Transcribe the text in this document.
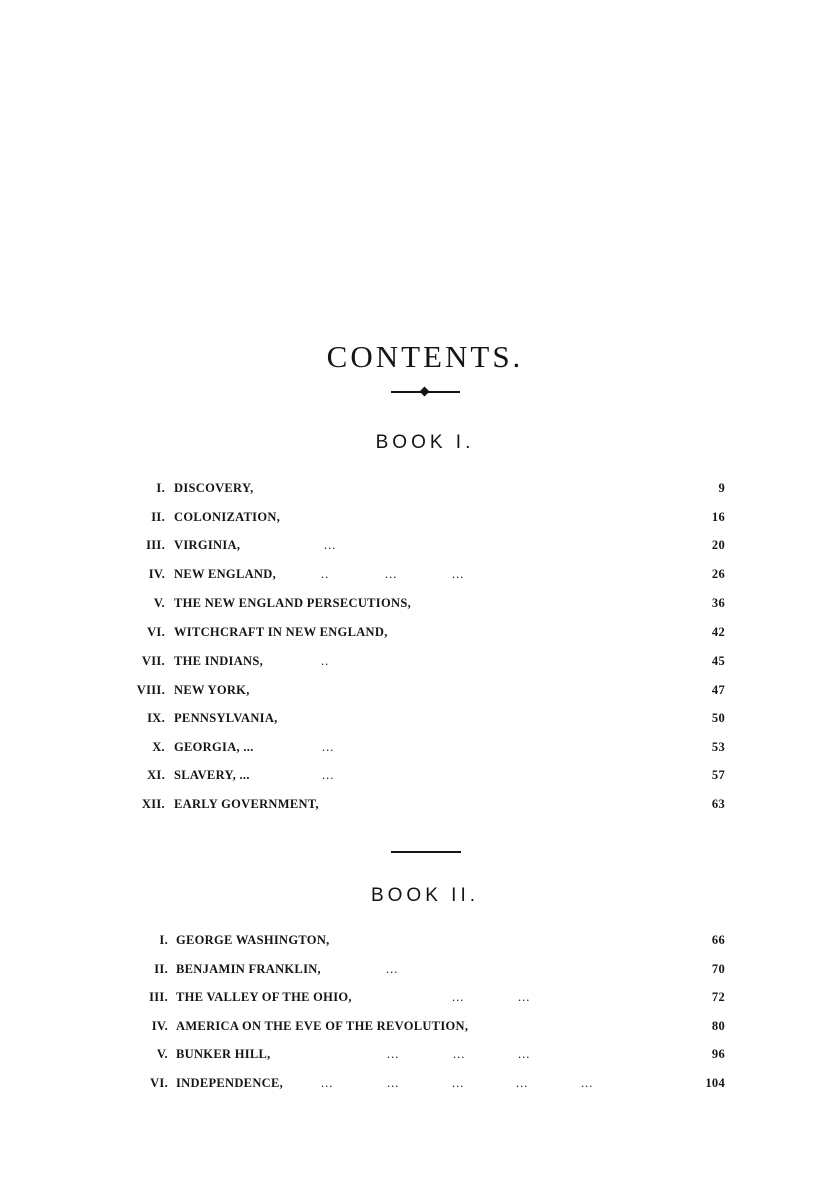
CONTENTS.
BOOK I.
I. DISCOVERY,	9
II. COLONIZATION,	16
III. VIRGINIA,	...	20
IV. NEW ENGLAND,	..	...	...	26
V. THE NEW ENGLAND PERSECUTIONS,	36
VI. WITCHCRAFT IN NEW ENGLAND,	42
VII. THE INDIANS,	..	45
VIII. NEW YORK,	47
IX. PENNSYLVANIA,	50
X. GEORGIA, ...	...	53
XI. SLAVERY, ...	...	57
XII. EARLY GOVERNMENT,	63
BOOK II.
I. GEORGE WASHINGTON,	66
II. BENJAMIN FRANKLIN,	...	70
III. THE VALLEY OF THE OHIO,	...	...	72
IV. AMERICA ON THE EVE OF THE REVOLUTION,	80
V. BUNKER HILL,	...	...	...	96
VI. INDEPENDENCE,	...	...	...	...	...	104
